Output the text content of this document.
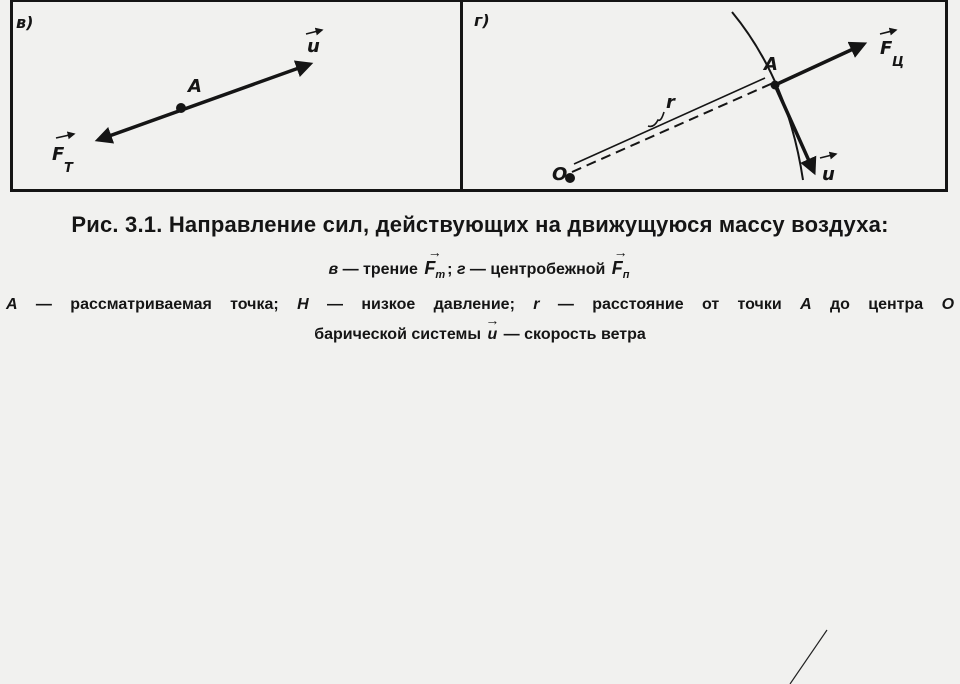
в)
A
u
F
T
г)
r
O
A
F
Ц
u
Рис. 3.1. Направление сил, действующих на движущуюся массу воздуха:
в — трение → $F_т$ ; г — центробежной → $F_п$
A — рассматриваемая точка; H — низкое давление; r — расстояние от точки A до центра O
барической системы → u — скорость ветра
